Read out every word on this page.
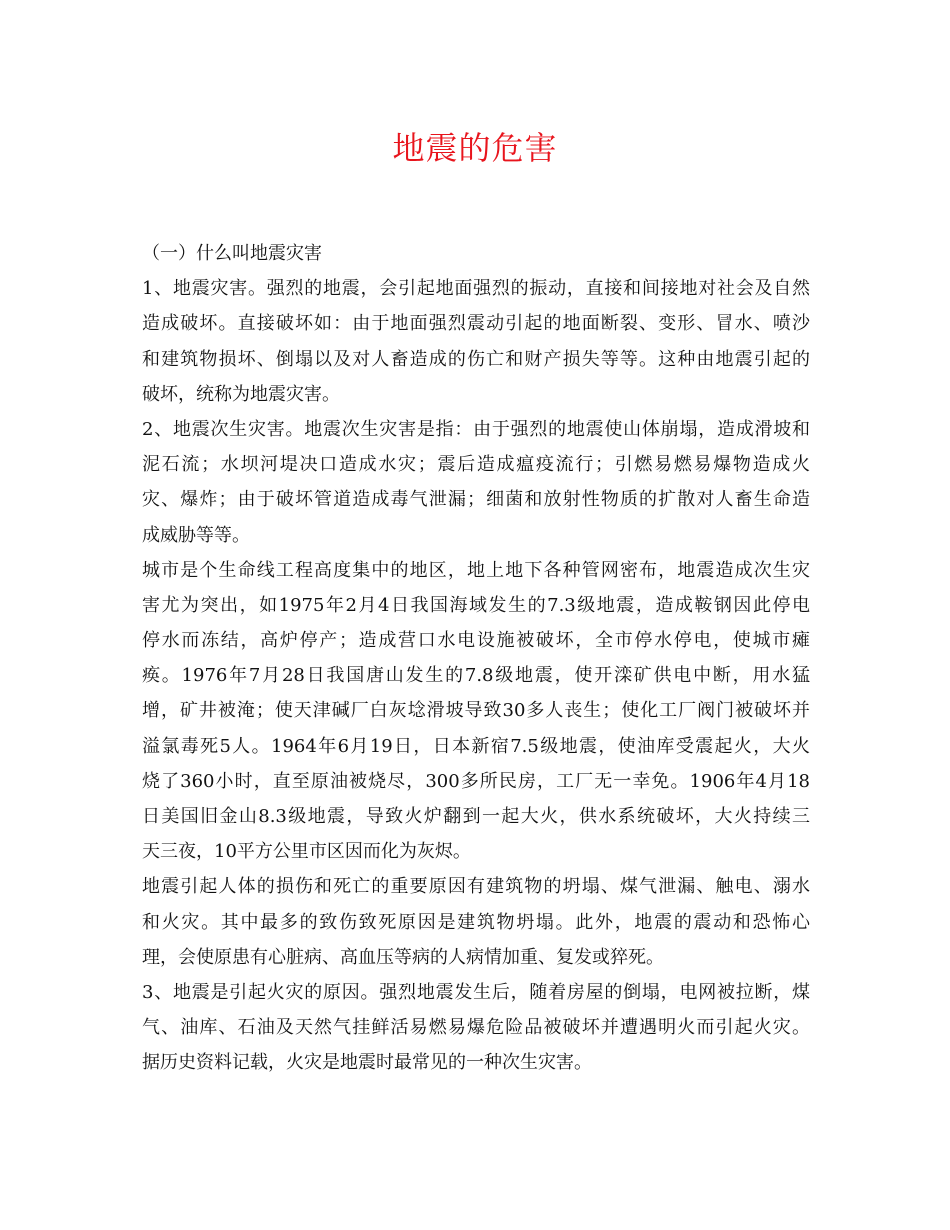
地震的危害
（一）什么叫地震灾害
1、地震灾害。强烈的地震，会引起地面强烈的振动，直接和间接地对社会及自然
造成破坏。直接破坏如：由于地面强烈震动引起的地面断裂、变形、冒水、喷沙
和建筑物损坏、倒塌以及对人畜造成的伤亡和财产损失等等。这种由地震引起的
破坏，统称为地震灾害。
2、地震次生灾害。地震次生灾害是指：由于强烈的地震使山体崩塌，造成滑坡和
泥石流；水坝河堤决口造成水灾；震后造成瘟疫流行；引燃易燃易爆物造成火
灾、爆炸；由于破坏管道造成毒气泄漏；细菌和放射性物质的扩散对人畜生命造
成威胁等等。
城市是个生命线工程高度集中的地区，地上地下各种管网密布，地震造成次生灾
害尤为突出，如1975年2月4日我国海域发生的7.3级地震，造成鞍钢因此停电
停水而冻结，高炉停产；造成营口水电设施被破坏，全市停水停电，使城市瘫
痪。1976年7月28日我国唐山发生的7.8级地震，使开滦矿供电中断，用水猛
增，矿井被淹；使天津碱厂白灰埝滑坡导致30多人丧生；使化工厂阀门被破坏并
溢氯毒死5人。1964年6月19日，日本新宿7.5级地震，使油库受震起火，大火
烧了360小时，直至原油被烧尽，300多所民房，工厂无一幸免。1906年4月18
日美国旧金山8.3级地震，导致火炉翻到一起大火，供水系统破坏，大火持续三
天三夜，10平方公里市区因而化为灰烬。
地震引起人体的损伤和死亡的重要原因有建筑物的坍塌、煤气泄漏、触电、溺水
和火灾。其中最多的致伤致死原因是建筑物坍塌。此外，地震的震动和恐怖心
理，会使原患有心脏病、高血压等病的人病情加重、复发或猝死。
3、地震是引起火灾的原因。强烈地震发生后，随着房屋的倒塌，电网被拉断，煤
气、油库、石油及天然气挂鲜活易燃易爆危险品被破坏并遭遇明火而引起火灾。
据历史资料记载，火灾是地震时最常见的一种次生灾害。
